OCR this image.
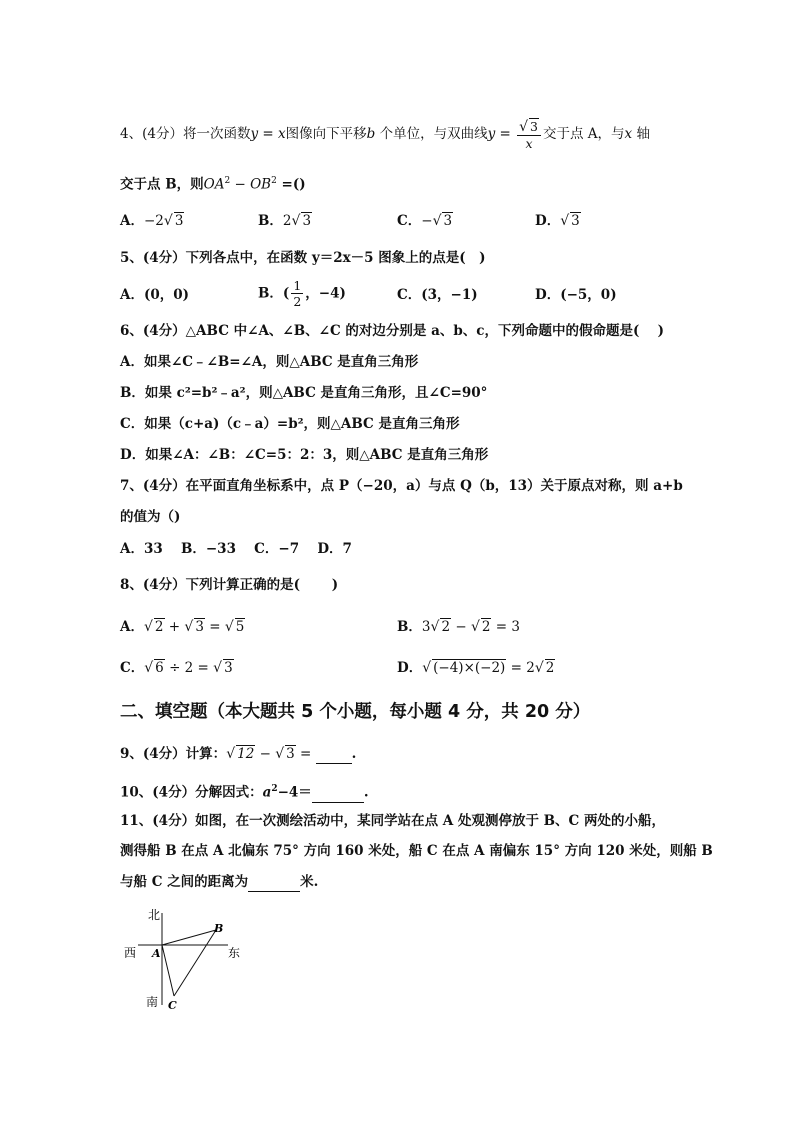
4、(4分）将一次函数y = x图像向下平移b 个单位，与双曲线$y = \frac{√ 3}{x}$ 交于点 A，与x 轴
交于点 B，则$OA^2 - OB^2$ =()
A．−2√ 3	B．2√ 3	C．−√ 3	D．√ 3
5、(4分）下列各点中，在函数 y＝2x－5 图象上的点是(　)
A．(0，0)	B．( $\frac{1}{2}$ ，−4)	C．(3，−1)	D．(−5，0)
6、(4分）△ABC 中∠A、∠B、∠C 的对边分别是 a、b、c，下列命题中的假命题是(　 )
A．如果∠C﹣∠B=∠A，则△ABC 是直角三角形
B．如果 c²=b²﹣a²，则△ABC 是直角三角形，且∠C=90°
C．如果（c+a)（c﹣a）=b²，则△ABC 是直角三角形
D．如果∠A：∠B：∠C=5：2：3，则△ABC 是直角三角形
7、(4分）在平面直角坐标系中，点 P（−20，a）与点 Q（b，13）关于原点对称，则 a+b
的值为（)
A．33　 B．−33　 C．−7　 D．7
8、(4分）下列计算正确的是(　　 )
A．√ 2 + √ 3 = √ 5	B．3√ 2 − √ 2 = 3
C．√ 6 ÷ 2 = √ 3	D．√ (−4)×(−2) = 2√ 2
二、填空题（本大题共 5 个小题，每小题 4 分，共 20 分）
9、(4分）计算：√ 12 − √ 3 =	.
10、(4分）分解因式：$a^2-4=$	.
11、(4分）如图，在一次测绘活动中，某同学站在点 A 处观测停放于 B、C 两处的小船，
测得船 B 在点 A 北偏东 75° 方向 160 米处，船 C 在点 A 南偏东 15° 方向 120 米处，则船 B
与船 C 之间的距离为	米.
北
南
西	东
A
B
C
